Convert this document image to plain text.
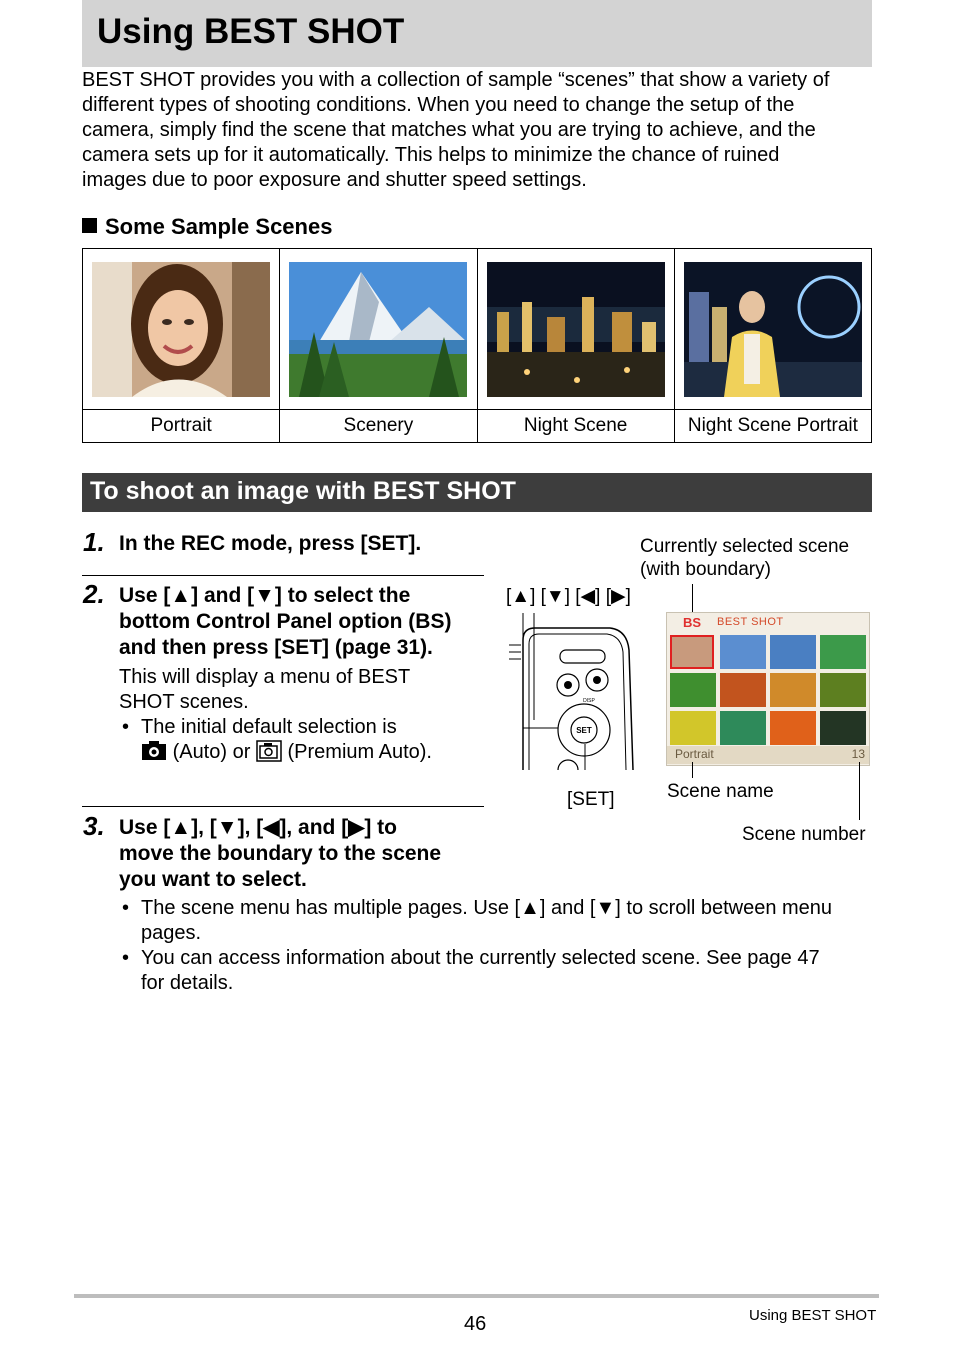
Using BEST SHOT
BEST SHOT provides you with a collection of sample “scenes” that show a variety of
different types of shooting conditions. When you need to change the setup of the
camera, simply find the scene that matches what you are trying to achieve, and the
camera sets up for it automatically. This helps to minimize the chance of ruined
images due to poor exposure and shutter speed settings.
Some Sample Scenes

Portrait	Scenery	Night Scene	Night Scene Portrait
To shoot an image with BEST SHOT
1. In the REC mode, press [SET].
2. Use [▲] and [▼] to select the
bottom Control Panel option (BS)
and then press [SET] (page 31).
This will display a menu of BEST
SHOT scenes.
• The initial default selection is
(Auto) or (Premium Auto).
3. Use [▲], [▼], [◀], and [▶] to
move the boundary to the scene
you want to select.
• The scene menu has multiple pages. Use [▲] and [▼] to scroll between menu
pages.
• You can access information about the currently selected scene. See page 47
for details.
Currently selected scene
(with boundary)
[▲] [▼] [◀] [▶]
[SET]	Scene name
Scene number
SET
DISP
BS BEST SHOT
Portrait	13
46	Using BEST SHOT
